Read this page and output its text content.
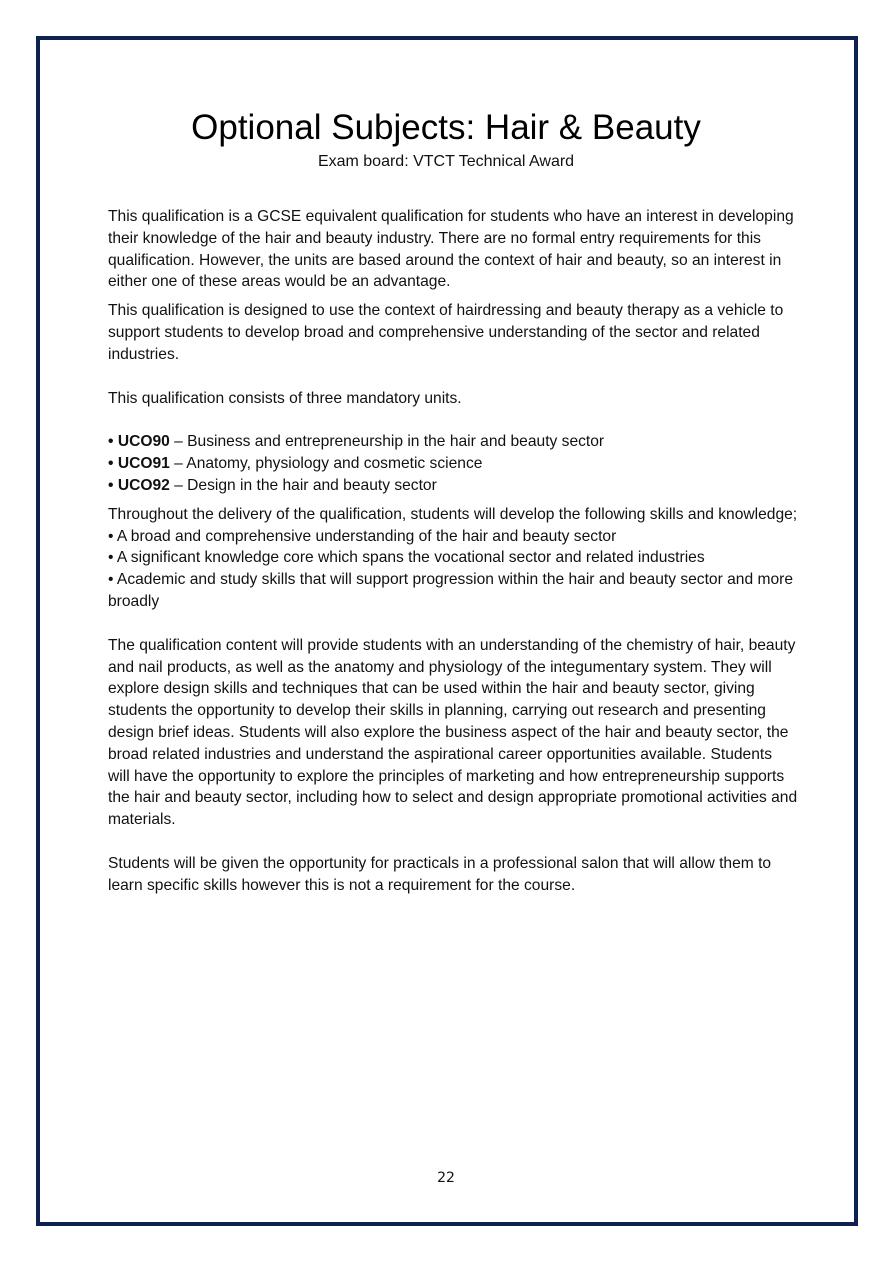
Optional Subjects: Hair & Beauty
Exam board: VTCT Technical Award

This qualification is a GCSE equivalent qualification for students who have an interest in developing their knowledge of the hair and beauty industry. There are no formal entry requirements for this qualification. However, the units are based around the context of hair and beauty, so an interest in either one of these areas would be an advantage.

This qualification is designed to use the context of hairdressing and beauty therapy as a vehicle to support students to develop broad and comprehensive understanding of the sector and related industries.

This qualification consists of three mandatory units.

• UCO90 – Business and entrepreneurship in the hair and beauty sector
• UCO91 – Anatomy, physiology and cosmetic science
• UCO92 – Design in the hair and beauty sector

Throughout the delivery of the qualification, students will develop the following skills and knowledge;

• A broad and comprehensive understanding of the hair and beauty sector
• A significant knowledge core which spans the vocational sector and related industries
• Academic and study skills that will support progression within the hair and beauty sector and more broadly

The qualification content will provide students with an understanding of the chemistry of hair, beauty and nail products, as well as the anatomy and physiology of the integumentary system. They will explore design skills and techniques that can be used within the hair and beauty sector, giving students the opportunity to develop their skills in planning, carrying out research and presenting design brief ideas. Students will also explore the business aspect of the hair and beauty sector, the broad related industries and understand the aspirational career opportunities available. Students will have the opportunity to explore the principles of marketing and how entrepreneurship supports the hair and beauty sector, including how to select and design appropriate promotional activities and materials.

Students will be given the opportunity for practicals in a professional salon that will allow them to learn specific skills however this is not a requirement for the course.

22
